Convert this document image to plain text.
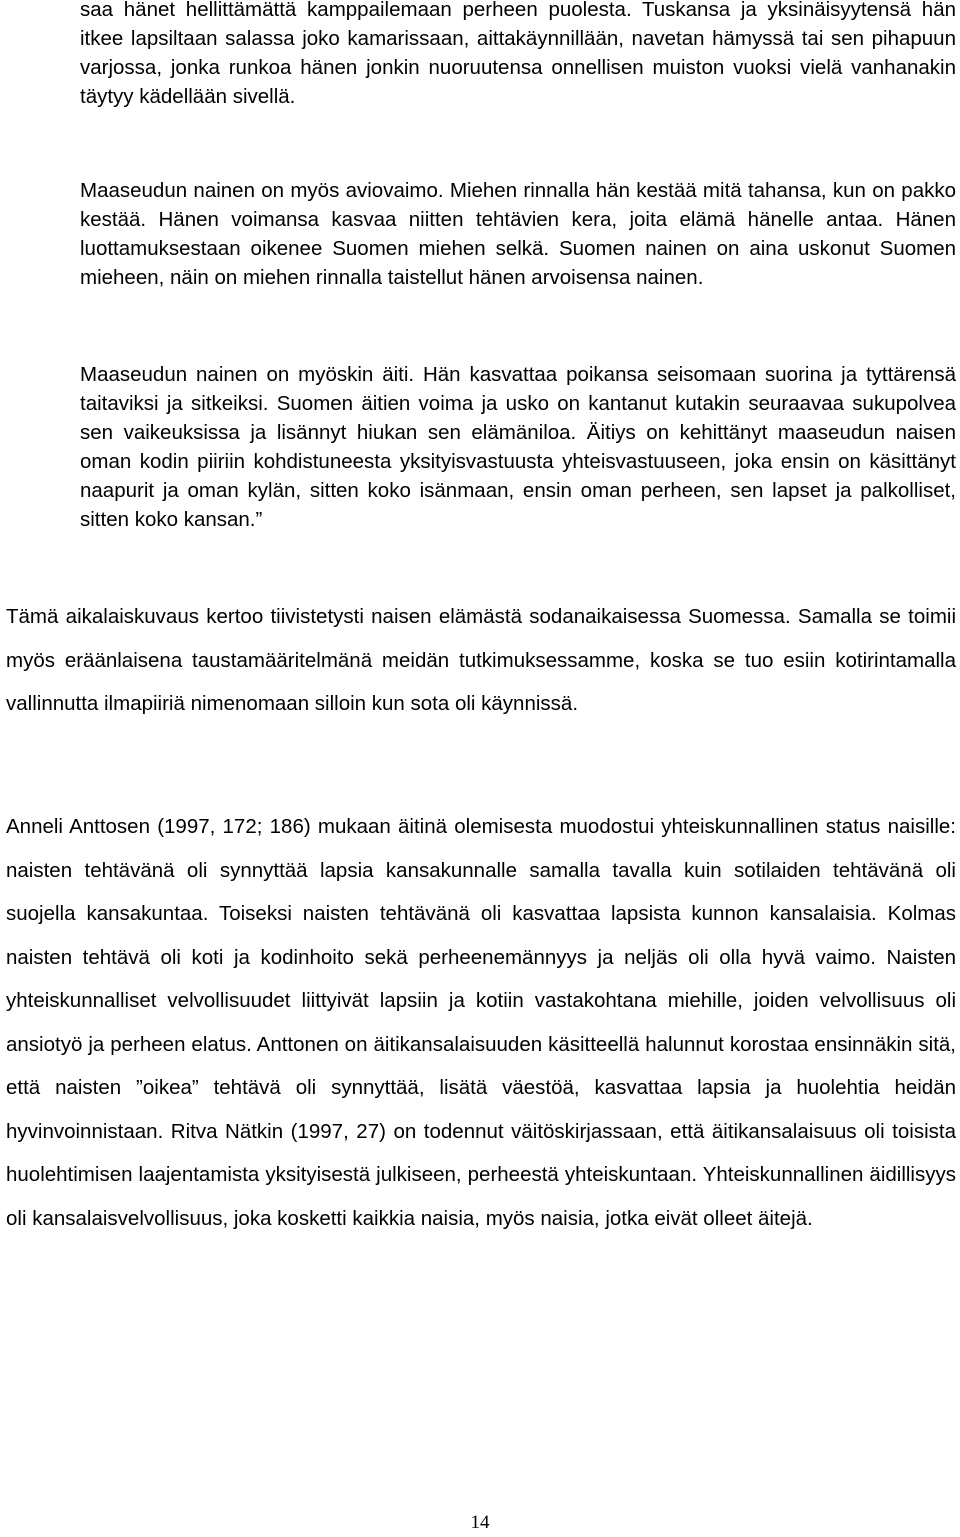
saa hänet hellittämättä kamppailemaan perheen puolesta. Tuskansa ja yksinäisyytensä hän itkee lapsiltaan salassa joko kamarissaan, aittakäynnillään, navetan hämyssä tai sen pihapuun varjossa, jonka runkoa hänen jonkin nuoruutensa onnellisen muiston vuoksi vielä vanhanakin täytyy kädellään sivellä.

Maaseudun nainen on myös aviovaimo. Miehen rinnalla hän kestää mitä tahansa, kun on pakko kestää. Hänen voimansa kasvaa niitten tehtävien kera, joita elämä hänelle antaa. Hänen luottamuksestaan oikenee Suomen miehen selkä. Suomen nainen on aina uskonut Suomen mieheen, näin on miehen rinnalla taistellut hänen arvoisensa nainen.

Maaseudun nainen on myöskin äiti. Hän kasvattaa poikansa seisomaan suorina ja tyttärensä taitaviksi ja sitkeiksi. Suomen äitien voima ja usko on kantanut kutakin seuraavaa sukupolvea sen vaikeuksissa ja lisännyt hiukan sen elämäniloa. Äitiys on kehittänyt maaseudun naisen oman kodin piiriin kohdistuneesta yksityisvastuusta yhteisvastuuseen, joka ensin on käsittänyt naapurit ja oman kylän, sitten koko isänmaan, ensin oman perheen, sen lapset ja palkolliset, sitten koko kansan.”

Tämä aikalaiskuvaus kertoo tiivistetysti naisen elämästä sodanaikaisessa Suomessa. Samalla se toimii myös eräänlaisena taustamääritelmänä meidän tutkimuksessamme, koska se tuo esiin kotirintamalla vallinnutta ilmapiiriä nimenomaan silloin kun sota oli käynnissä.

Anneli Anttosen (1997, 172; 186) mukaan äitinä olemisesta muodostui yhteiskunnallinen status naisille: naisten tehtävänä oli synnyttää lapsia kansakunnalle samalla tavalla kuin sotilaiden tehtävänä oli suojella kansakuntaa. Toiseksi naisten tehtävänä oli kasvattaa lapsista kunnon kansalaisia. Kolmas naisten tehtävä oli koti ja kodinhoito sekä perheenemännyys ja neljäs oli olla hyvä vaimo. Naisten yhteiskunnalliset velvollisuudet liittyivät lapsiin ja kotiin vastakohtana miehille, joiden velvollisuus oli ansiotyö ja perheen elatus. Anttonen on äitikansalaisuuden käsitteellä halunnut korostaa ensinnäkin sitä, että naisten ”oikea” tehtävä oli synnyttää, lisätä väestöä, kasvattaa lapsia ja huolehtia heidän hyvinvoinnistaan. Ritva Nätkin (1997, 27) on todennut väitöskirjassaan, että äitikansalaisuus oli toisista huolehtimisen laajentamista yksityisestä julkiseen, perheestä yhteiskuntaan. Yhteiskunnallinen äidillisyys oli kansalaisvelvollisuus, joka kosketti kaikkia naisia, myös naisia, jotka eivät olleet äitejä.

14
